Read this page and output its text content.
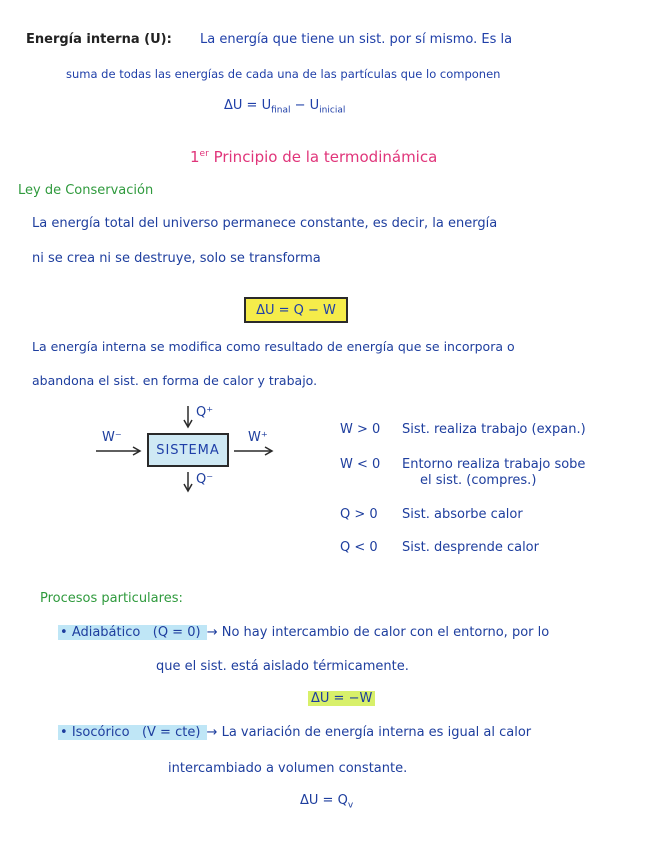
Energía interna (U): La energía que tiene un sist. por sí mismo. Es la
suma de todas las energías de cada una de las partículas que lo componen
$\Delta U = U_{final} - U_{inicial}$
1er Principio de la termodinámica
Ley de Conservación
La energía total del universo permanece constante, es decir, la energía
ni se crea ni se destruye, solo se transforma
ΔU = Q − W
La energía interna se modifica como resultado de energía que se incorpora o
abandona el sist. en forma de calor y trabajo.
SISTEMA
Q⁺
Q⁻
W⁻	W⁺
W > 0 Sist. realiza trabajo (expan.)
W < 0 Entorno realiza trabajo sobe
el sist. (compres.)
Q > 0 Sist. absorbe calor
Q < 0 Sist. desprende calor
Procesos particulares:
• Adiabático (Q = 0) → No hay intercambio de calor con el entorno, por lo
que el sist. está aislado térmicamente.
ΔU = −W
• Isocórico (V = cte) → La variación de energía interna es igual al calor
intercambiado a volumen constante.
$\Delta U = Q_v$
